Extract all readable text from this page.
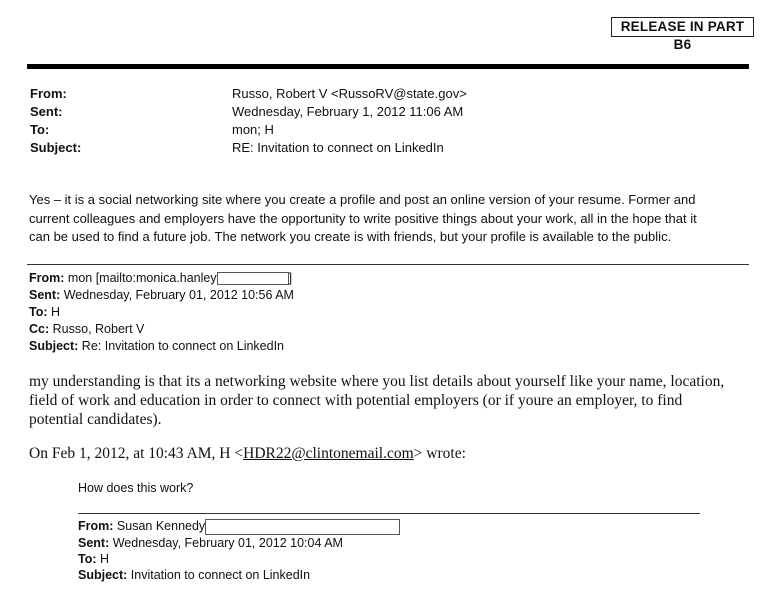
RELEASE IN PART B6
From:	Russo, Robert V <RussoRV@state.gov>
Sent:	Wednesday, February 1, 2012 11:06 AM
To:	mon; H
Subject:	RE: Invitation to connect on LinkedIn
Yes – it is a social networking site where you create a profile and post an online version of your resume. Former and
current colleagues and employers have the opportunity to write positive things about your work, all in the hope that it
can be used to find a future job. The network you create is with friends, but your profile is available to the public.
From: mon [mailto:monica.hanley	]
Sent: Wednesday, February 01, 2012 10:56 AM
To: H
Cc: Russo, Robert V
Subject: Re: Invitation to connect on LinkedIn
my understanding is that its a networking website where you list details about yourself like your name, location,
field of work and education in order to connect with potential employers (or if youre an employer, to find
potential candidates).
On Feb 1, 2012, at 10:43 AM, H <HDR22@clintonemail.com> wrote:
How does this work?
From: Susan Kennedy
Sent: Wednesday, February 01, 2012 10:04 AM
To: H
Subject: Invitation to connect on LinkedIn
